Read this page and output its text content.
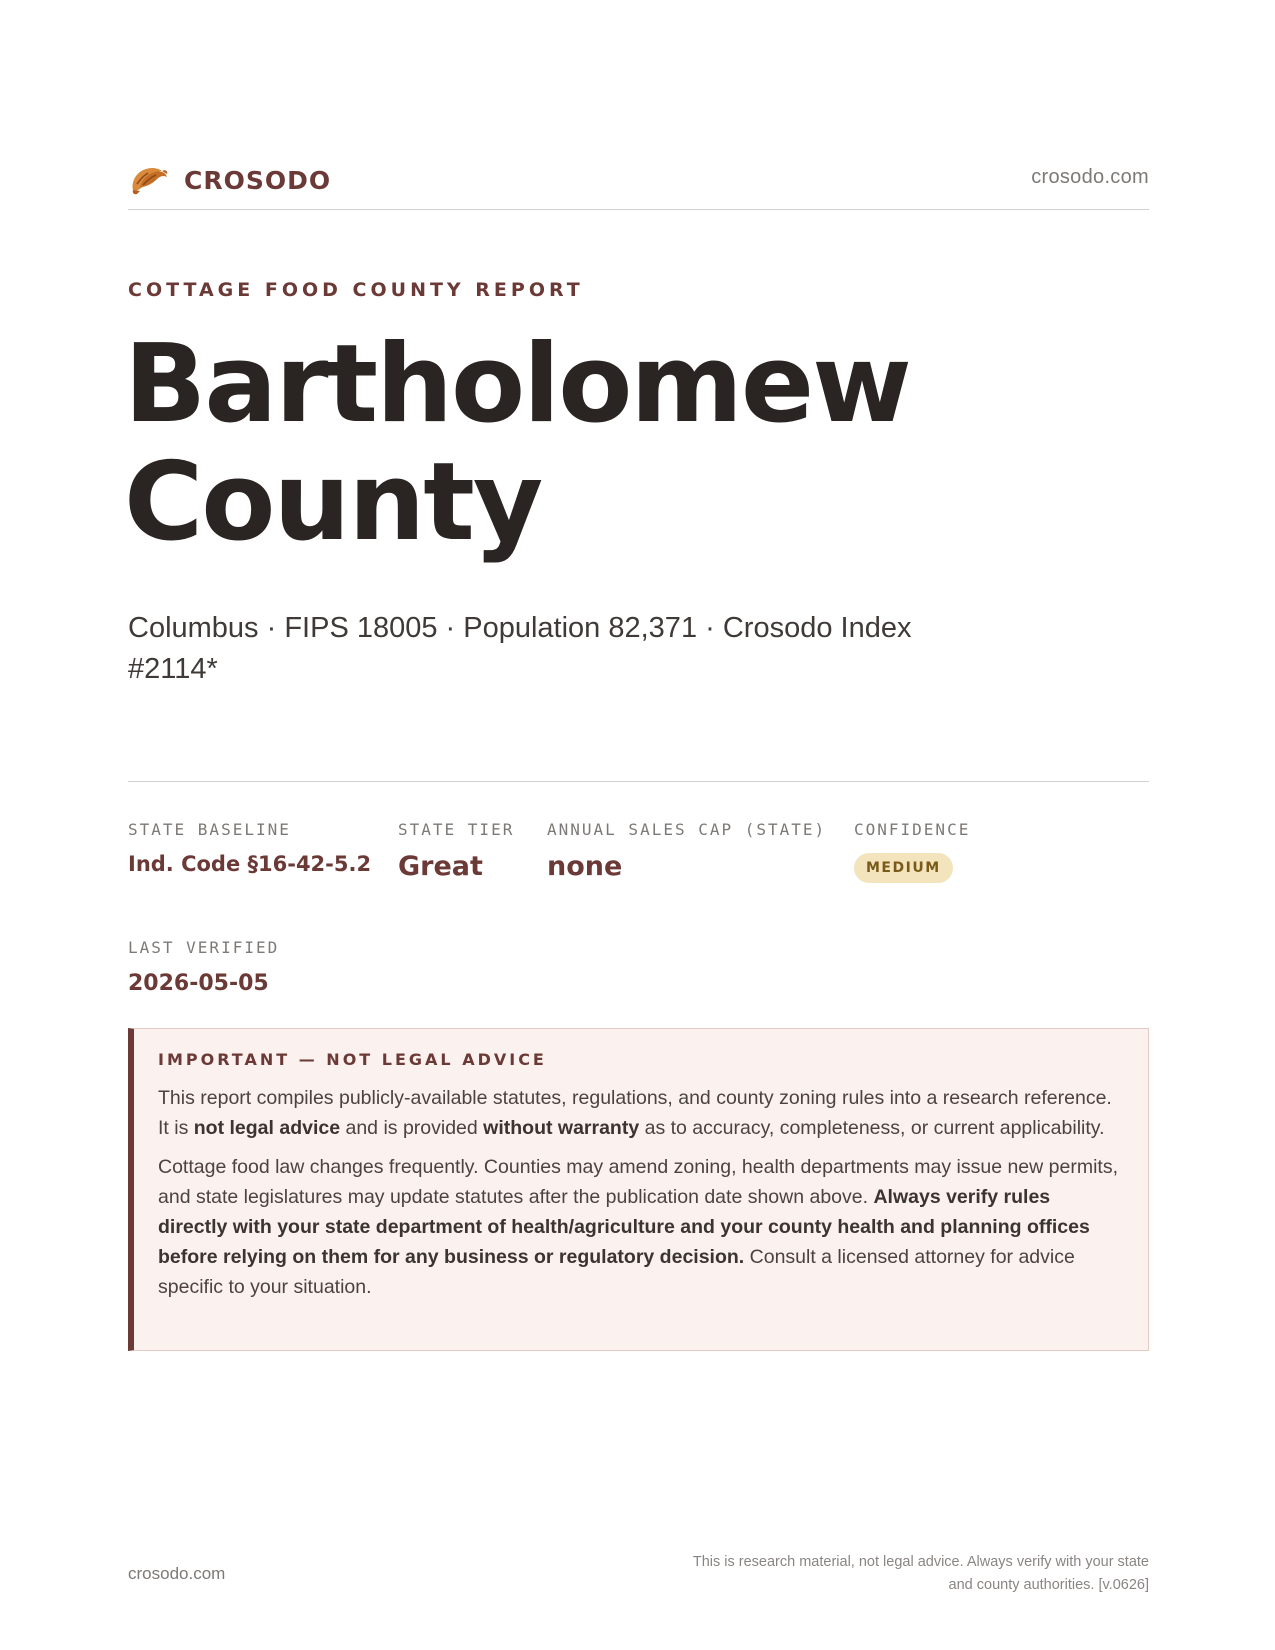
CROSODO	crosodo.com
COTTAGE FOOD COUNTY REPORT
Bartholomew
County
Columbus · FIPS 18005 · Population 82,371 · Crosodo Index #2114*
STATE BASELINE
Ind. Code §16-42-5.2
STATE TIER
Great
ANNUAL SALES CAP (STATE)
none
CONFIDENCE
MEDIUM
LAST VERIFIED
2026-05-05
IMPORTANT — NOT LEGAL ADVICE

This report compiles publicly-available statutes, regulations, and county zoning rules into a research reference. It is not legal advice and is provided without warranty as to accuracy, completeness, or current applicability.

Cottage food law changes frequently. Counties may amend zoning, health departments may issue new permits, and state legislatures may update statutes after the publication date shown above. Always verify rules directly with your state department of health/agriculture and your county health and planning offices before relying on them for any business or regulatory decision. Consult a licensed attorney for advice specific to your situation.

crosodo.com
This is research material, not legal advice. Always verify with your state
and county authorities. [v.0626]
